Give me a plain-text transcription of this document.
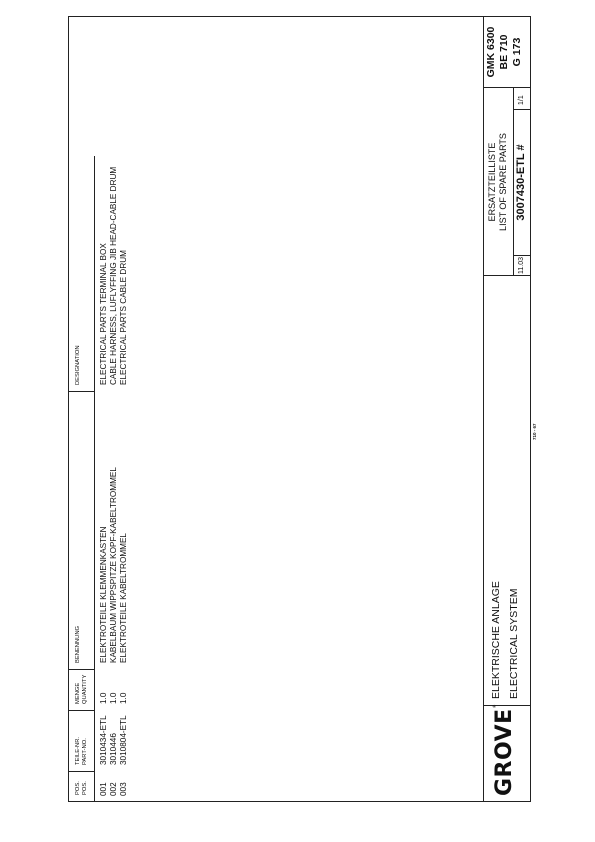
POS. POS.
TEILE-NR. PART-NO.
MENGE QUANTITY
BENENNUNG
DESIGNATION
001
3010434-ETL
1.0
ELEKTROTEILE KLEMMENKASTEN
ELECTRICAL PARTS TERMINAL BOX
002
3010446
1.0
KABELBAUM WIPPSPITZE KOPF-KABELTROMMEL
CABLE HARNESS, LUFLYFFING JIB HEAD-CABLE DRUM
003
3010804-ETL
1.0
ELEKTROTEILE KABELTROMMEL
ELECTRICAL PARTS CABLE DRUM
710 - 67
GROVE®
ELEKTRISCHE ANLAGE ELECTRICAL SYSTEM
ERSATZTEILLISTE LIST OF SPARE PARTS
11.03
3007430-ETL #
1/1
GMK 6300 BE 710 G 173
